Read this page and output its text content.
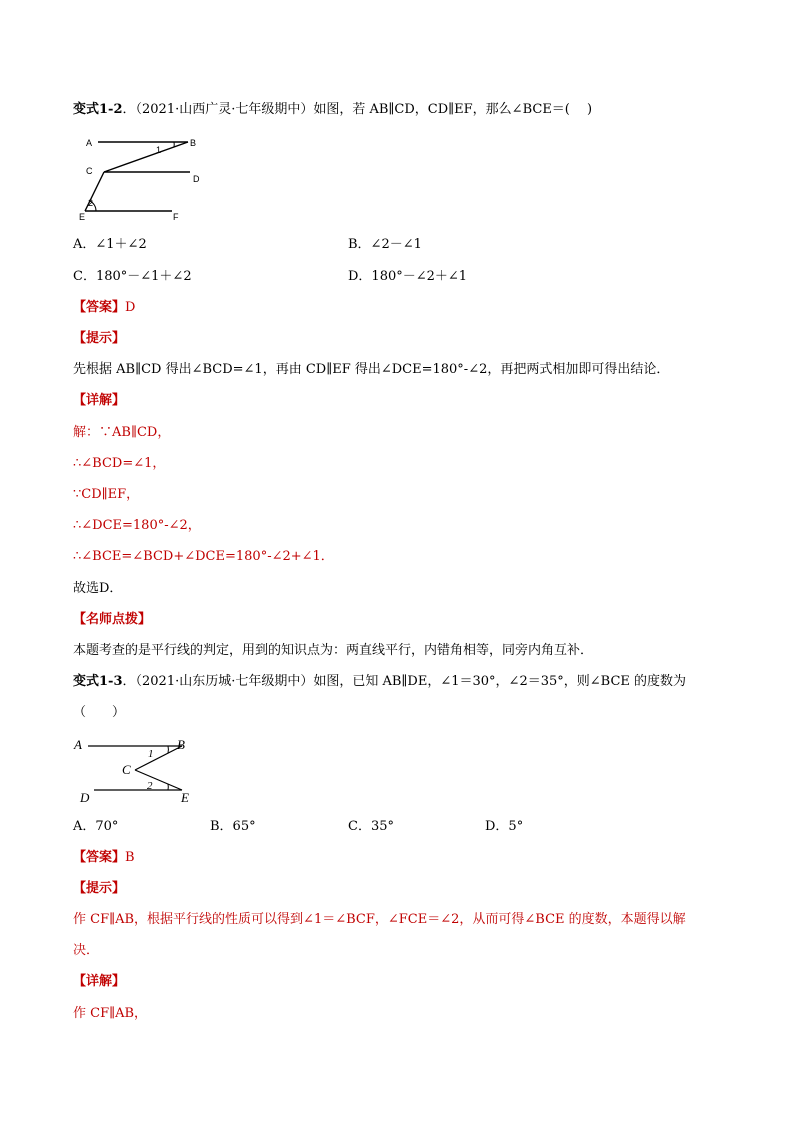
变式1-2．（2021·山西广灵·七年级期中）如图，若 AB∥CD，CD∥EF，那么∠BCE＝(　 )
A	B
C
D
E	F
1
2
A．∠1＋∠2	B．∠2－∠1
C．180°－∠1＋∠2	D．180°－∠2＋∠1
【答案】D
【提示】
先根据 AB∥CD 得出∠BCD=∠1，再由 CD∥EF 得出∠DCE=180°-∠2，再把两式相加即可得出结论．
【详解】
解：∵AB∥CD，
∴∠BCD=∠1，
∵CD∥EF，
∴∠DCE=180°-∠2，
∴∠BCE=∠BCD+∠DCE=180°-∠2+∠1．
故选D．
【名师点拨】
本题考查的是平行线的判定，用到的知识点为：两直线平行，内错角相等，同旁内角互补．
变式1-3．（2021·山东历城·七年级期中）如图，已知 AB∥DE，∠1＝30°，∠2＝35°，则∠BCE 的度数为
（　　）
A	B
C
D	E
1
2
A．70°	B．65°	C．35°	D．5°
【答案】B
【提示】
作 CF∥AB，根据平行线的性质可以得到∠1＝∠BCF，∠FCE＝∠2，从而可得∠BCE 的度数，本题得以解
决．
【详解】
作 CF∥AB，
